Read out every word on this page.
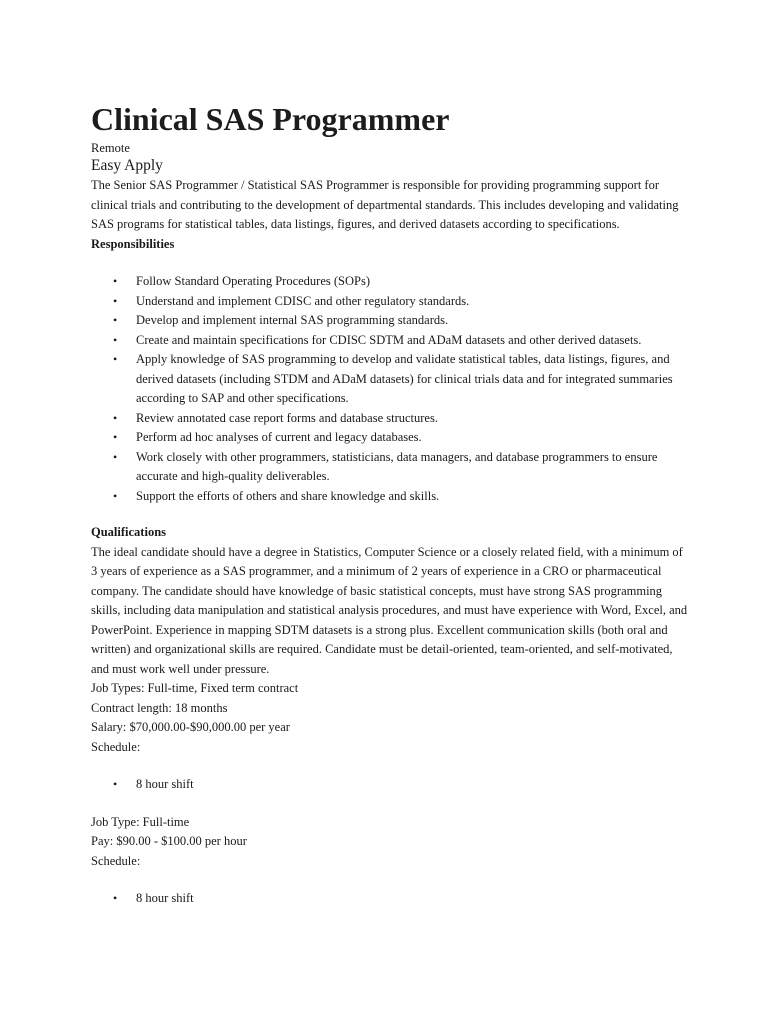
Clinical SAS Programmer
Remote
Easy Apply

The Senior SAS Programmer / Statistical SAS Programmer is responsible for providing programming support for clinical trials and contributing to the development of departmental standards. This includes developing and validating SAS programs for statistical tables, data listings, figures, and derived datasets according to specifications.

Responsibilities
• Follow Standard Operating Procedures (SOPs)
• Understand and implement CDISC and other regulatory standards.
• Develop and implement internal SAS programming standards.
• Create and maintain specifications for CDISC SDTM and ADaM datasets and other derived datasets.
• Apply knowledge of SAS programming to develop and validate statistical tables, data listings, figures, and derived datasets (including STDM and ADaM datasets) for clinical trials data and for integrated summaries according to SAP and other specifications.
• Review annotated case report forms and database structures.
• Perform ad hoc analyses of current and legacy databases.
• Work closely with other programmers, statisticians, data managers, and database programmers to ensure accurate and high-quality deliverables.
• Support the efforts of others and share knowledge and skills.
Qualifications

The ideal candidate should have a degree in Statistics, Computer Science or a closely related field, with a minimum of 3 years of experience as a SAS programmer, and a minimum of 2 years of experience in a CRO or pharmaceutical company. The candidate should have knowledge of basic statistical concepts, must have strong SAS programming skills, including data manipulation and statistical analysis procedures, and must have experience with Word, Excel, and PowerPoint. Experience in mapping SDTM datasets is a strong plus. Excellent communication skills (both oral and written) and organizational skills are required. Candidate must be detail-oriented, team-oriented, and self-motivated, and must work well under pressure.

Job Types: Full-time, Fixed term contract
Contract length: 18 months
Salary: $70,000.00-$90,000.00 per year
Schedule:
• 8 hour shift
Job Type: Full-time
Pay: $90.00 - $100.00 per hour
Schedule:
• 8 hour shift
